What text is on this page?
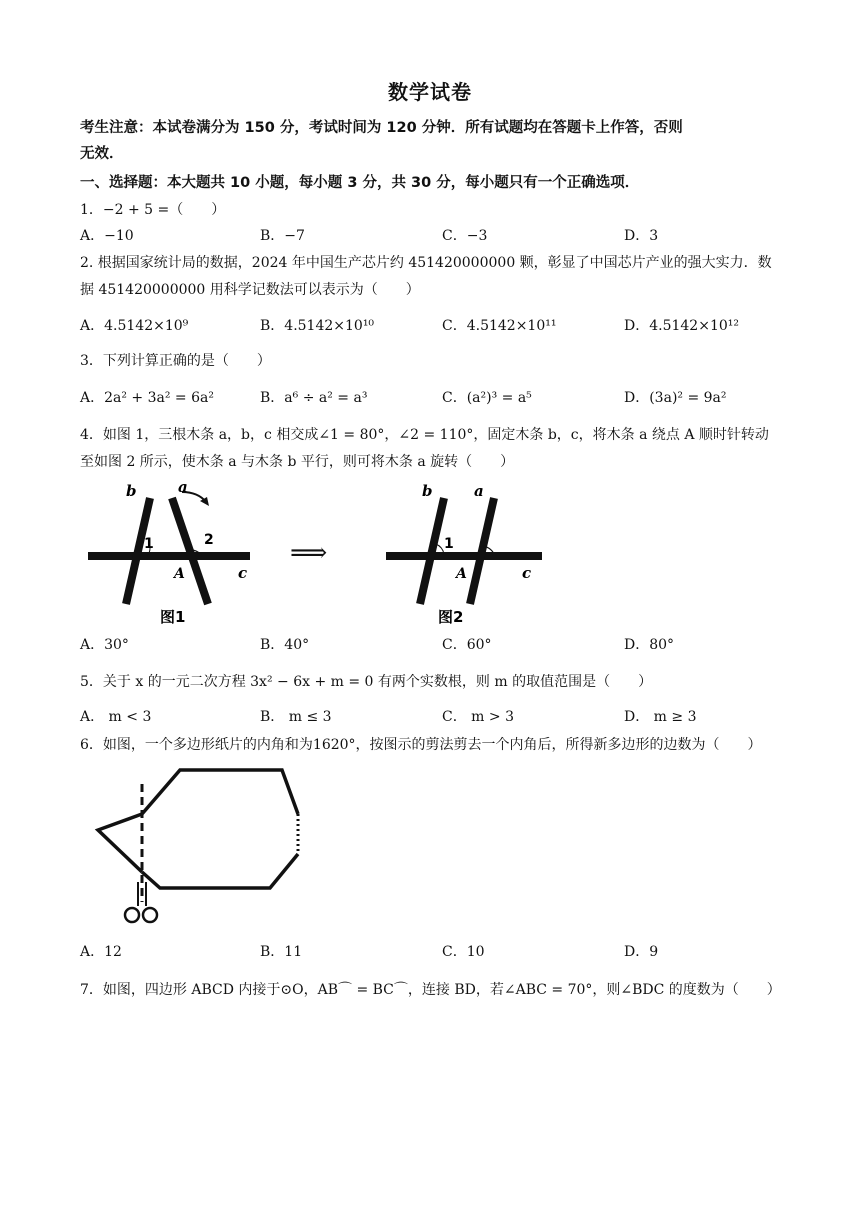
数学试卷
考生注意：本试卷满分为 150 分，考试时间为 120 分钟．所有试题均在答题卡上作答，否则
无效．
一、选择题：本大题共 10 小题，每小题 3 分，共 30 分，每小题只有一个正确选项．
1．−2 + 5 =（　　）
A．−10	B．−7	C．−3	D．3
2. 根据国家统计局的数据，2024 年中国生产芯片约 451420000000 颗，彰显了中国芯片产业的强大实力．数
据 451420000000 用科学记数法可以表示为（　　）
A．4.5142×10⁹	B．4.5142×10¹⁰	C．4.5142×10¹¹	D．4.5142×10¹²
3．下列计算正确的是（　　）
A．2a² + 3a² = 6a²	B．a⁶ ÷ a² = a³	C．(a²)³ = a⁵	D．(3a)² = 9a²
4．如图 1，三根木条 a，b，c 相交成∠1 = 80°，∠2 = 110°，固定木条 b，c，将木条 a 绕点 A 顺时针转动
至如图 2 所示，使木条 a 与木条 b 平行，则可将木条 a 旋转（　　）
b	a
1	2
A	c
图1
⟹
b	a
1
A	c
图2
A．30°	B．40°	C．60°	D．80°
5．关于 x 的一元二次方程 3x² − 6x + m = 0 有两个实数根，则 m 的取值范围是（　　）
A． m < 3	B． m ≤ 3	C． m > 3	D． m ≥ 3
6．如图，一个多边形纸片的内角和为1620°，按图示的剪法剪去一个内角后，所得新多边形的边数为（　　）
A．12	B．11	C．10	D．9
7．如图，四边形 ABCD 内接于⊙O，AB⌒ = BC⌒，连接 BD，若∠ABC = 70°，则∠BDC 的度数为（　　）
